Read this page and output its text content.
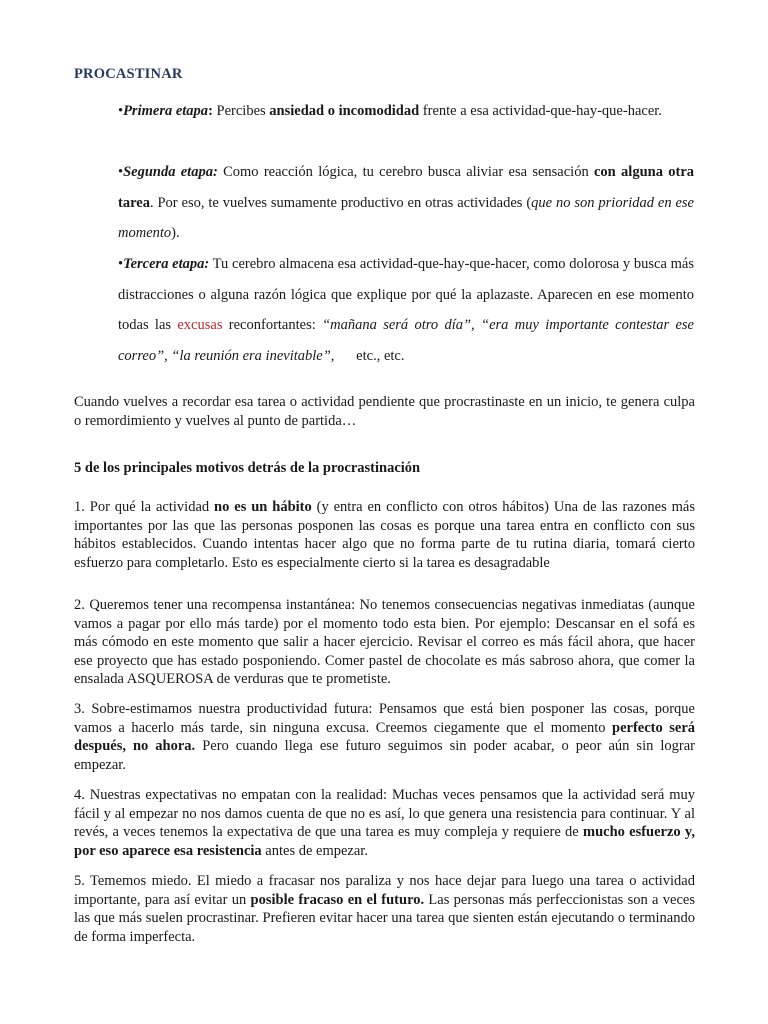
PROCASTINAR

•Primera etapa: Percibes ansiedad o incomodidad frente a esa actividad-que-hay-que-hacer.

•Segunda etapa: Como reacción lógica, tu cerebro busca aliviar esa sensación con alguna otra tarea. Por eso, te vuelves sumamente productivo en otras actividades (que no son prioridad en ese momento).

•Tercera etapa: Tu cerebro almacena esa actividad-que-hay-que-hacer, como dolorosa y busca más distracciones o alguna razón lógica que explique por qué la aplazaste. Aparecen en ese momento todas las excusas reconfortantes: “mañana será otro día”, “era muy importante contestar ese correo”, “la reunión era inevitable”,      etc., etc.

Cuando vuelves a recordar esa tarea o actividad pendiente que procrastinaste en un inicio, te genera culpa o remordimiento y vuelves al punto de partida…

5 de los principales motivos detrás de la procrastinación

1. Por qué la actividad no es un hábito (y entra en conflicto con otros hábitos) Una de las razones más importantes por las que las personas posponen las cosas es porque una tarea entra en conflicto con sus hábitos establecidos. Cuando intentas hacer algo que no forma parte de tu rutina diaria, tomará cierto esfuerzo para completarlo. Esto es especialmente cierto si la tarea es desagradable

2. Queremos tener una recompensa instantánea: No tenemos consecuencias negativas inmediatas (aunque vamos a pagar por ello más tarde) por el momento todo esta bien. Por ejemplo: Descansar en el sofá es más cómodo en este momento que salir a hacer ejercicio. Revisar el correo es más fácil ahora, que hacer ese proyecto que has estado posponiendo. Comer pastel de chocolate es más sabroso ahora, que comer la ensalada ASQUEROSA de verduras que te prometiste.

3. Sobre-estimamos nuestra productividad futura: Pensamos que está bien posponer las cosas, porque vamos a hacerlo más tarde, sin ninguna excusa. Creemos ciegamente que el momento perfecto será después, no ahora. Pero cuando llega ese futuro seguimos sin poder acabar, o peor aún sin lograr empezar.

4. Nuestras expectativas no empatan con la realidad: Muchas veces pensamos que la actividad será muy fácil y al empezar no nos damos cuenta de que no es así, lo que genera una resistencia para continuar. Y al revés, a veces tenemos la expectativa de que una tarea es muy compleja y requiere de mucho esfuerzo y, por eso aparece esa resistencia antes de empezar.

5. Tememos miedo. El miedo a fracasar nos paraliza y nos hace dejar para luego una tarea o actividad importante, para así evitar un posible fracaso en el futuro. Las personas más perfeccionistas son a veces las que más suelen procrastinar. Prefieren evitar hacer una tarea que sienten están ejecutando o terminando de forma imperfecta.
